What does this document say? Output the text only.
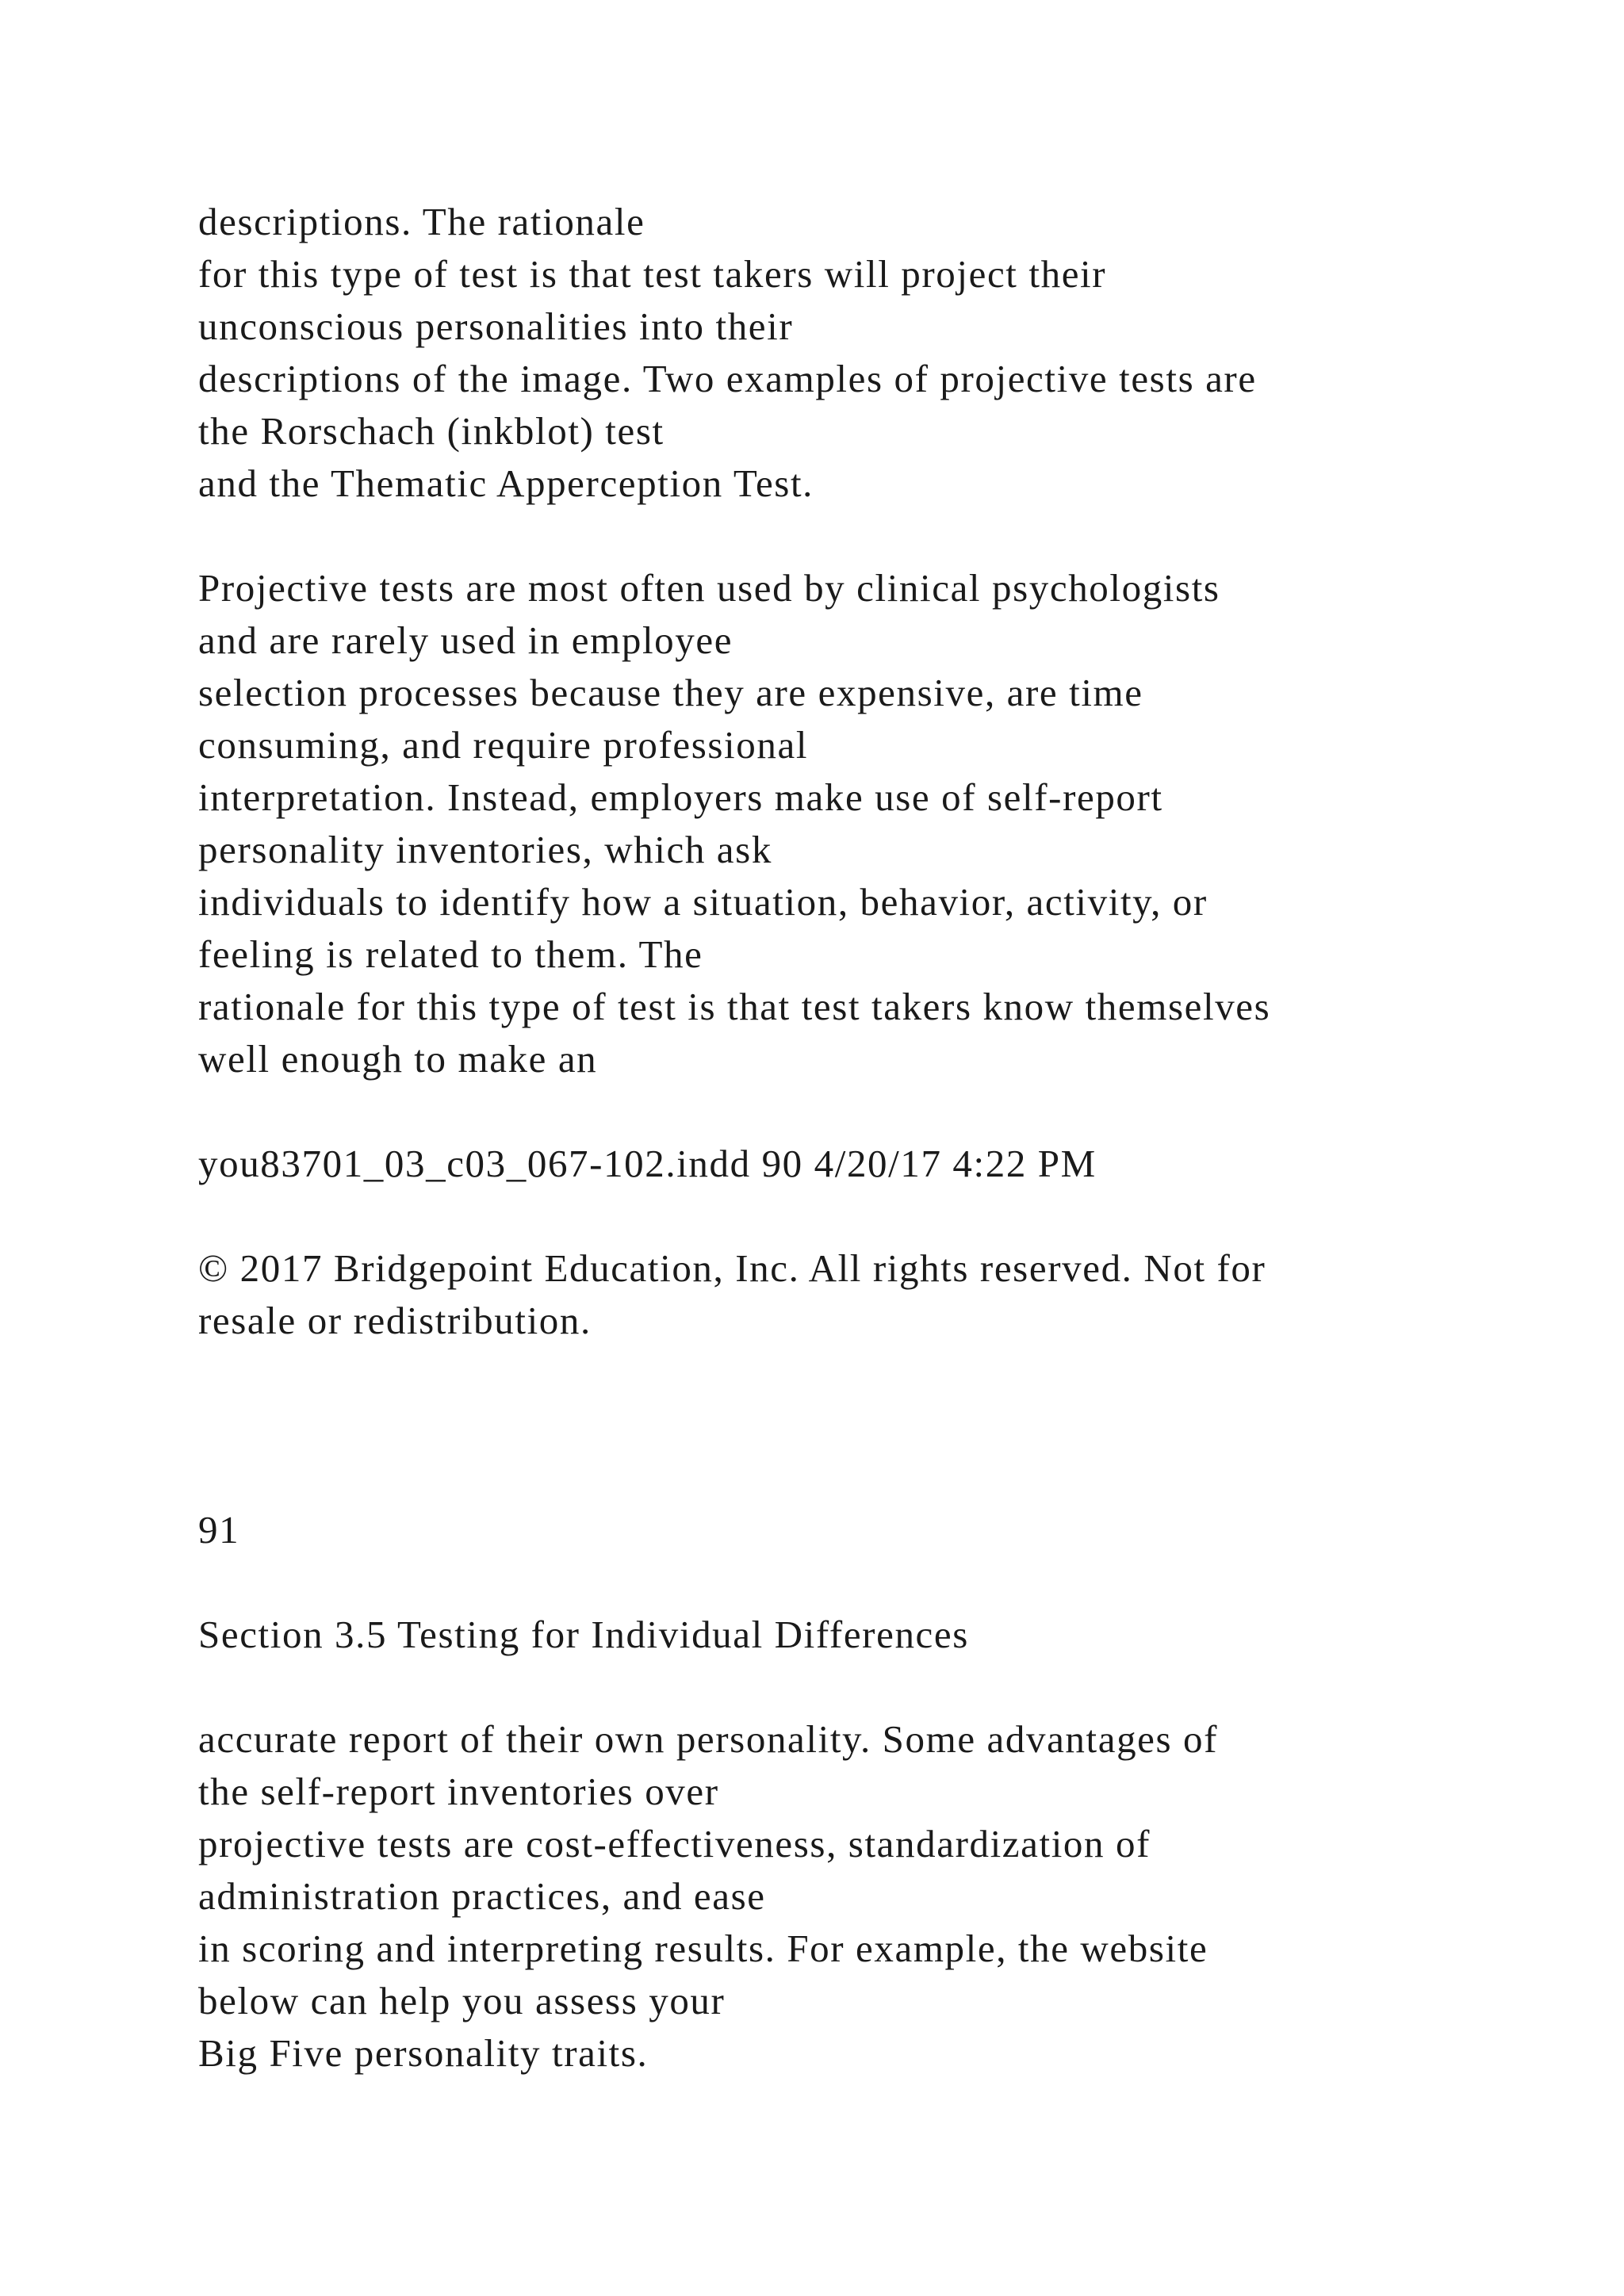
descriptions. The rationale
for this type of test is that test takers will project their
unconscious personalities into their
descriptions of the image. Two examples of projective tests are
the Rorschach (inkblot) test
and the Thematic Apperception Test.
Projective tests are most often used by clinical psychologists
and are rarely used in employee
selection processes because they are expensive, are time
consuming, and require professional
interpretation. Instead, employers make use of self-report
personality inventories, which ask
individuals to identify how a situation, behavior, activity, or
feeling is related to them. The
rationale for this type of test is that test takers know themselves
well enough to make an
you83701_03_c03_067-102.indd 90 4/20/17 4:22 PM
© 2017 Bridgepoint Education, Inc. All rights reserved. Not for
resale or redistribution.
91
Section 3.5 Testing for Individual Differences
accurate report of their own personality. Some advantages of
the self-report inventories over
projective tests are cost-effectiveness, standardization of
administration practices, and ease
in scoring and interpreting results. For example, the website
below can help you assess your
Big Five personality traits.
